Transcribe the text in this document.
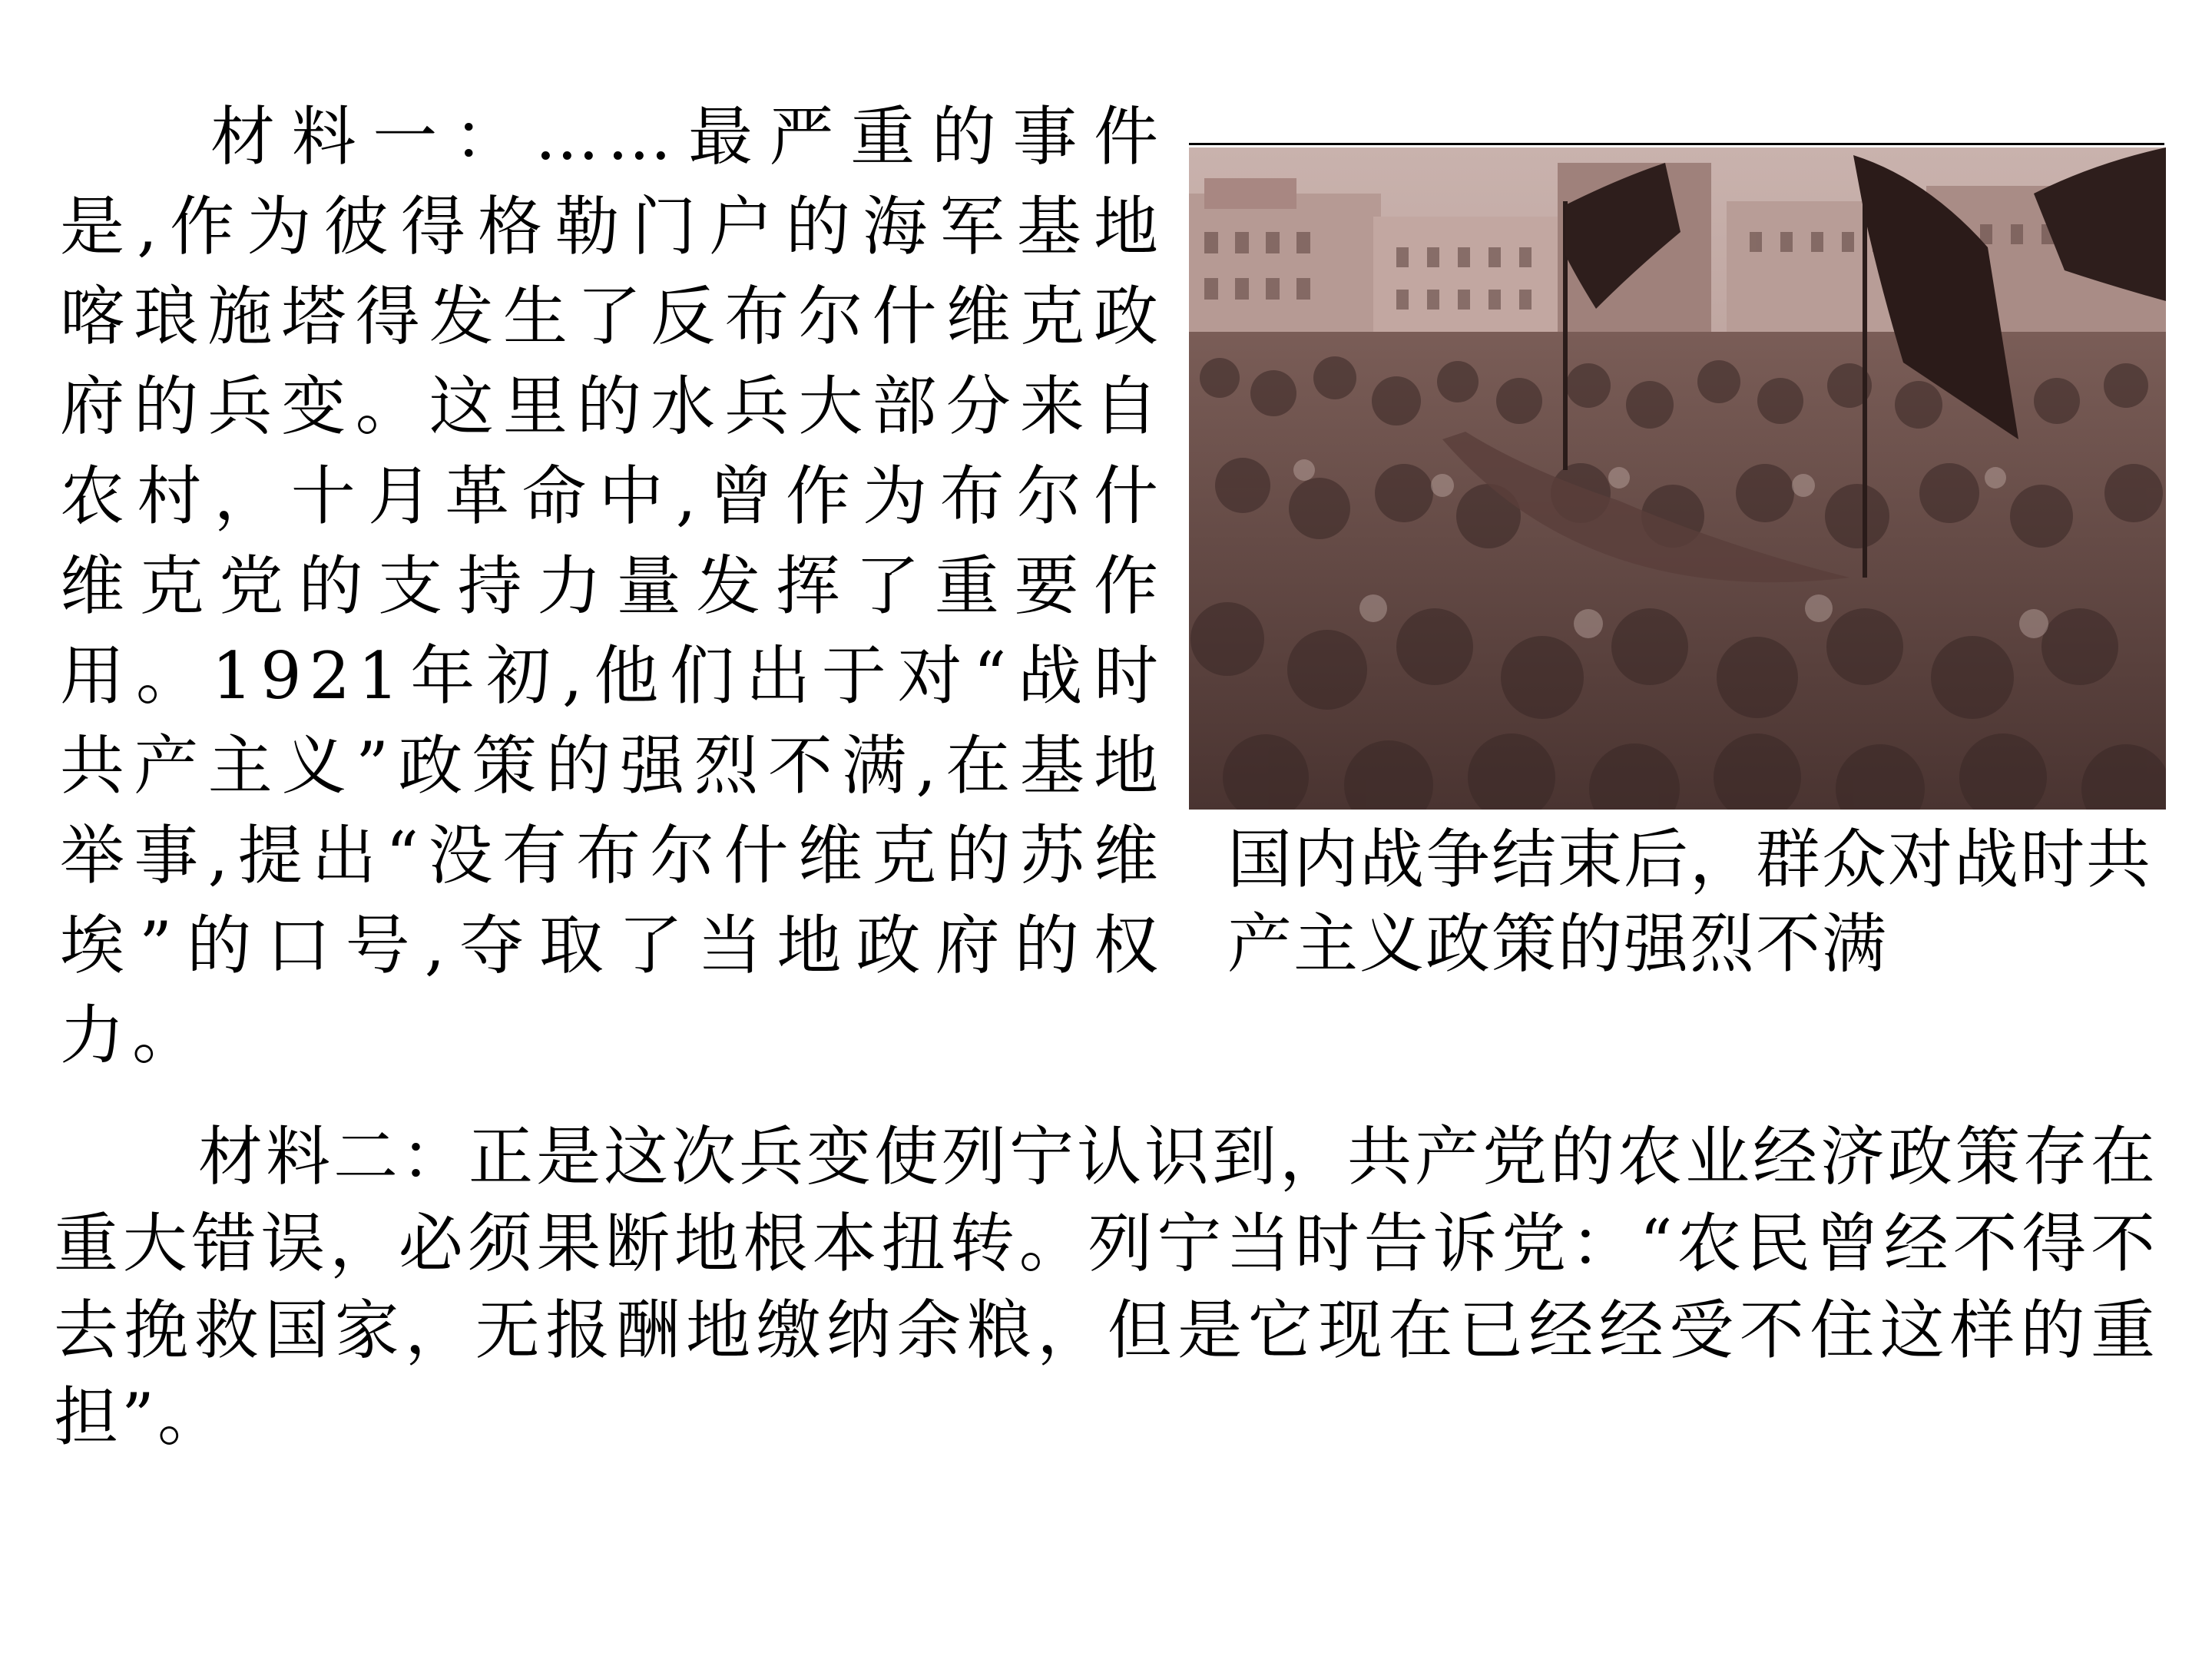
材料一：……最严重的事件是,作为彼得格勒门户的海军基地喀琅施塔得发生了反布尔什维克政府的兵变。这里的水兵大部分来自农村，十月革命中,曾作为布尔什维克党的支持力量发挥了重要作用。1921年初,他们出于对“战时共产主义”政策的强烈不满,在基地举事,提出“没有布尔什维克的苏维埃”的口号,夺取了当地政府的权力。

国内战争结束后，群众对战时共产主义政策的强烈不满

材料二：正是这次兵变使列宁认识到，共产党的农业经济政策存在重大错误，必须果断地根本扭转。列宁当时告诉党：“农民曾经不得不去挽救国家，无报酬地缴纳余粮，但是它现在已经经受不住这样的重担”。
